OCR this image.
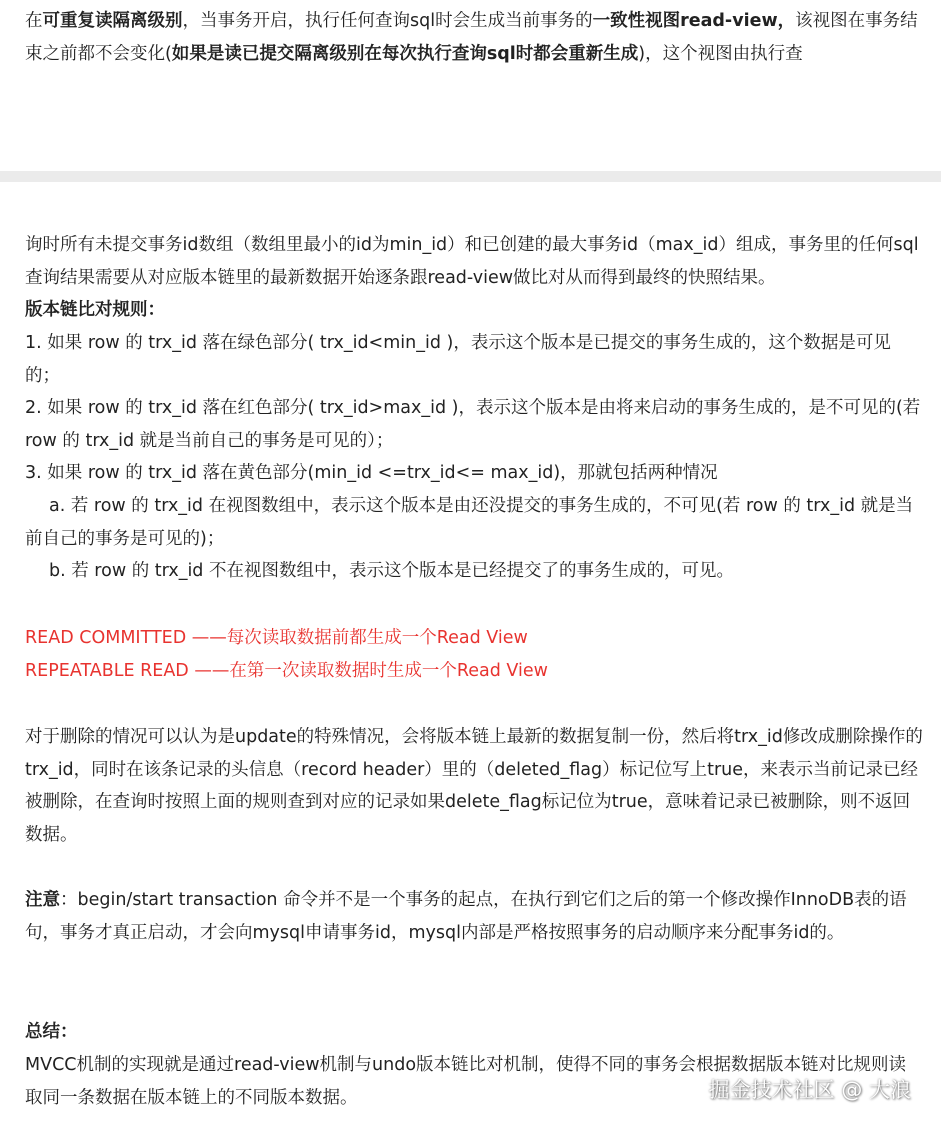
在可重复读隔离级别，当事务开启，执行任何查询sql时会生成当前事务的一致性视图read-view，该视图在事务结束之前都不会变化(如果是读已提交隔离级别在每次执行查询sql时都会重新生成)，这个视图由执行查
询时所有未提交事务id数组（数组里最小的id为min_id）和已创建的最大事务id（max_id）组成，事务里的任何sql查询结果需要从对应版本链里的最新数据开始逐条跟read-view做比对从而得到最终的快照结果。
版本链比对规则：
1. 如果 row 的 trx_id 落在绿色部分( trx_id<min_id )，表示这个版本是已提交的事务生成的，这个数据是可见的；
2. 如果 row 的 trx_id 落在红色部分( trx_id>max_id )，表示这个版本是由将来启动的事务生成的，是不可见的(若 row 的 trx_id 就是当前自己的事务是可见的）；
3. 如果 row 的 trx_id 落在黄色部分(min_id <=trx_id<= max_id)，那就包括两种情况
a. 若 row 的 trx_id 在视图数组中，表示这个版本是由还没提交的事务生成的，不可见(若 row 的 trx_id 就是当前自己的事务是可见的)；
b. 若 row 的 trx_id 不在视图数组中，表示这个版本是已经提交了的事务生成的，可见。
READ COMMITTED ——每次读取数据前都生成一个Read View
REPEATABLE READ ——在第一次读取数据时生成一个Read View
对于删除的情况可以认为是update的特殊情况，会将版本链上最新的数据复制一份，然后将trx_id修改成删除操作的trx_id，同时在该条记录的头信息（record header）里的（deleted_flag）标记位写上true，来表示当前记录已经被删除，在查询时按照上面的规则查到对应的记录如果delete_flag标记位为true，意味着记录已被删除，则不返回数据。
注意：begin/start transaction 命令并不是一个事务的起点，在执行到它们之后的第一个修改操作InnoDB表的语句，事务才真正启动，才会向mysql申请事务id，mysql内部是严格按照事务的启动顺序来分配事务id的。
总结：
MVCC机制的实现就是通过read-view机制与undo版本链比对机制，使得不同的事务会根据数据版本链对比规则读取同一条数据在版本链上的不同版本数据。	掘金技术社区 @ 大浪
